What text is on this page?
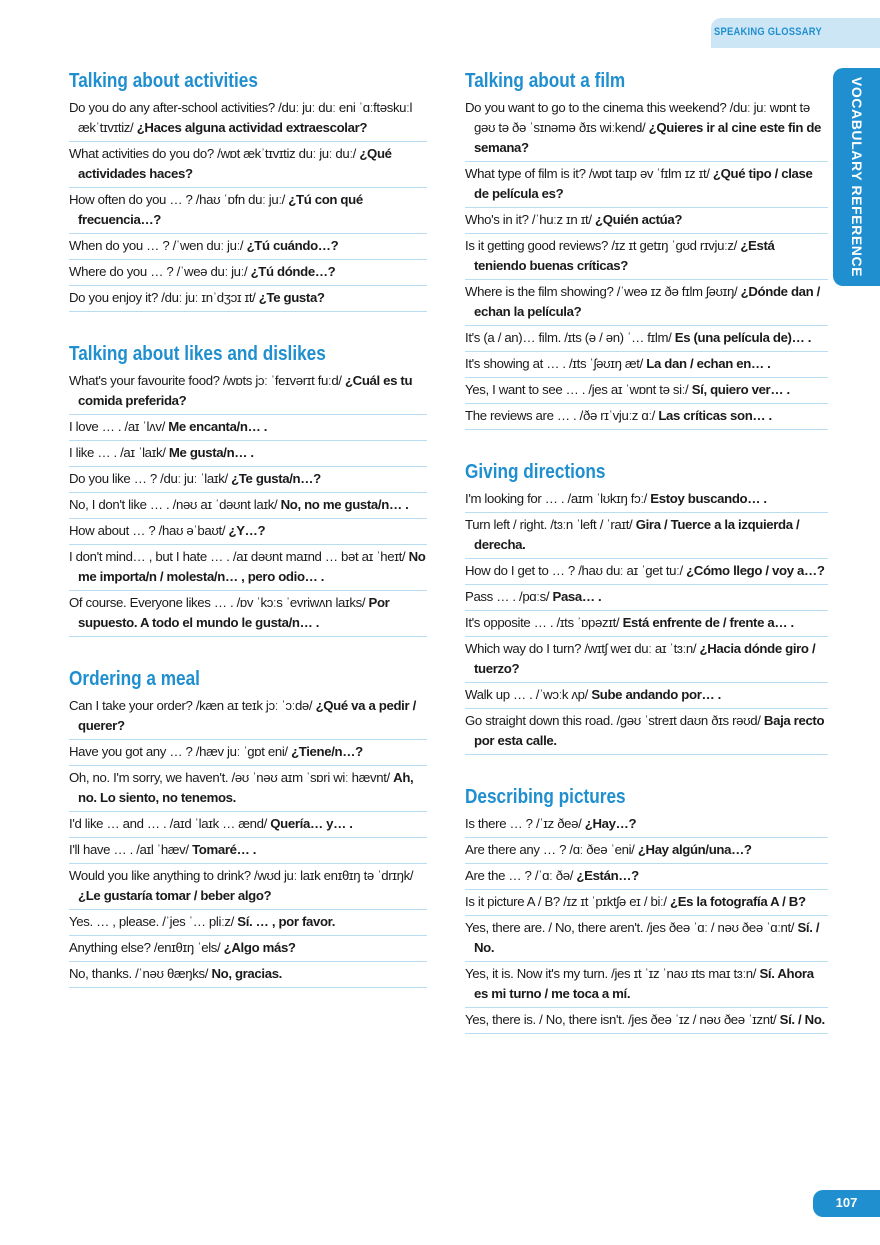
SPEAKING GLOSSARY
VOCABULARY REFERENCE
Talking about activities
Do you do any after-school activities? /duː juː duː eni ˈɑːftəskuːl ækˈtɪvɪtiz/ ¿Haces alguna actividad extraescolar?
What activities do you do? /wɒt ækˈtɪvɪtiz duː juː duː/ ¿Qué actividades haces?
How often do you … ? /haʊ ˈɒfn duː juː/ ¿Tú con qué frecuencia…?
When do you … ? /ˈwen duː juː/ ¿Tú cuándo…?
Where do you … ? /ˈweə duː juː/ ¿Tú dónde…?
Do you enjoy it? /duː juː ɪnˈdʒɔɪ ɪt/ ¿Te gusta?
Talking about likes and dislikes
What's your favourite food? /wɒts jɔː ˈfeɪvərɪt fuːd/ ¿Cuál es tu comida preferida?
I love … . /aɪ ˈlʌv/ Me encanta/n… .
I like … . /aɪ ˈlaɪk/ Me gusta/n… .
Do you like … ? /duː juː ˈlaɪk/ ¿Te gusta/n…?
No, I don't like … . /nəʊ aɪ ˈdəʊnt laɪk/ No, no me gusta/n… .
How about … ? /haʊ əˈbaʊt/ ¿Y…?
I don't mind… , but I hate … . /aɪ dəʊnt maɪnd … bət aɪ ˈheɪt/ No me importa/n / molesta/n… , pero odio… .
Of course. Everyone likes … . /ɒv ˈkɔːs ˈevriwʌn laɪks/ Por supuesto. A todo el mundo le gusta/n… .
Ordering a meal
Can I take your order? /kæn aɪ teɪk jɔː ˈɔːdə/ ¿Qué va a pedir / querer?
Have you got any … ? /hæv juː ˈgɒt eni/ ¿Tiene/n…?
Oh, no. I'm sorry, we haven't. /əʊ ˈnəʊ aɪm ˈsɒri wiː hævnt/ Ah, no. Lo siento, no tenemos.
I'd like … and … . /aɪd ˈlaɪk … ænd/ Quería… y… .
I'll have … . /aɪl ˈhæv/ Tomaré… .
Would you like anything to drink? /wʊd juː laɪk enɪθɪŋ tə ˈdrɪŋk/ ¿Le gustaría tomar / beber algo?
Yes. … , please. /ˈjes ˈ… pliːz/ Sí. … , por favor.
Anything else? /enɪθɪŋ ˈels/ ¿Algo más?
No, thanks. /ˈnəʊ θæŋks/ No, gracias.
Talking about a film
Do you want to go to the cinema this weekend? /duː juː wɒnt tə gəʊ tə ðə ˈsɪnəmə ðɪs wiːkend/ ¿Quieres ir al cine este fin de semana?
What type of film is it? /wɒt taɪp əv ˈfɪlm ɪz ɪt/ ¿Qué tipo / clase de película es?
Who's in it? /ˈhuːz ɪn ɪt/ ¿Quién actúa?
Is it getting good reviews? /ɪz ɪt getɪŋ ˈgʊd rɪvjuːz/ ¿Está teniendo buenas críticas?
Where is the film showing? /ˈweə ɪz ðə fɪlm ʃəʊɪŋ/ ¿Dónde dan / echan la película?
It's (a / an)… film. /ɪts (ə / ən) ˈ… fɪlm/ Es (una película de)… .
It's showing at … . /ɪts ˈʃəʊɪŋ æt/ La dan / echan en… .
Yes, I want to see … . /jes aɪ ˈwɒnt tə siː/ Sí, quiero ver… .
The reviews are … . /ðə rɪˈvjuːz ɑː/ Las críticas son… .
Giving directions
I'm looking for … . /aɪm ˈlʊkɪŋ fɔː/ Estoy buscando… .
Turn left / right. /tɜːn ˈleft / ˈraɪt/ Gira / Tuerce a la izquierda / derecha.
How do I get to … ? /haʊ duː aɪ ˈget tuː/ ¿Cómo llego / voy a…?
Pass … . /pɑːs/ Pasa… .
It's opposite … . /ɪts ˈɒpəzɪt/ Está enfrente de / frente a… .
Which way do I turn? /wɪtʃ weɪ duː aɪ ˈtɜːn/ ¿Hacia dónde giro / tuerzo?
Walk up … . /ˈwɔːk ʌp/ Sube andando por… .
Go straight down this road. /gəʊ ˈstreɪt daʊn ðɪs rəʊd/ Baja recto por esta calle.
Describing pictures
Is there … ? /ˈɪz ðeə/ ¿Hay…?
Are there any … ? /ɑː ðeə ˈeni/ ¿Hay algún/una…?
Are the … ? /ˈɑː ðə/ ¿Están…?
Is it picture A / B? /ɪz ɪt ˈpɪktʃə eɪ / biː/ ¿Es la fotografía A / B?
Yes, there are. / No, there aren't. /jes ðeə ˈɑː / nəʊ ðeə ˈɑːnt/ Sí. / No.
Yes, it is. Now it's my turn. /jes ɪt ˈɪz ˈnaʊ ɪts maɪ tɜːn/ Sí. Ahora es mi turno / me toca a mí.
Yes, there is. / No, there isn't. /jes ðeə ˈɪz / nəʊ ðeə ˈɪznt/ Sí. / No.
107
